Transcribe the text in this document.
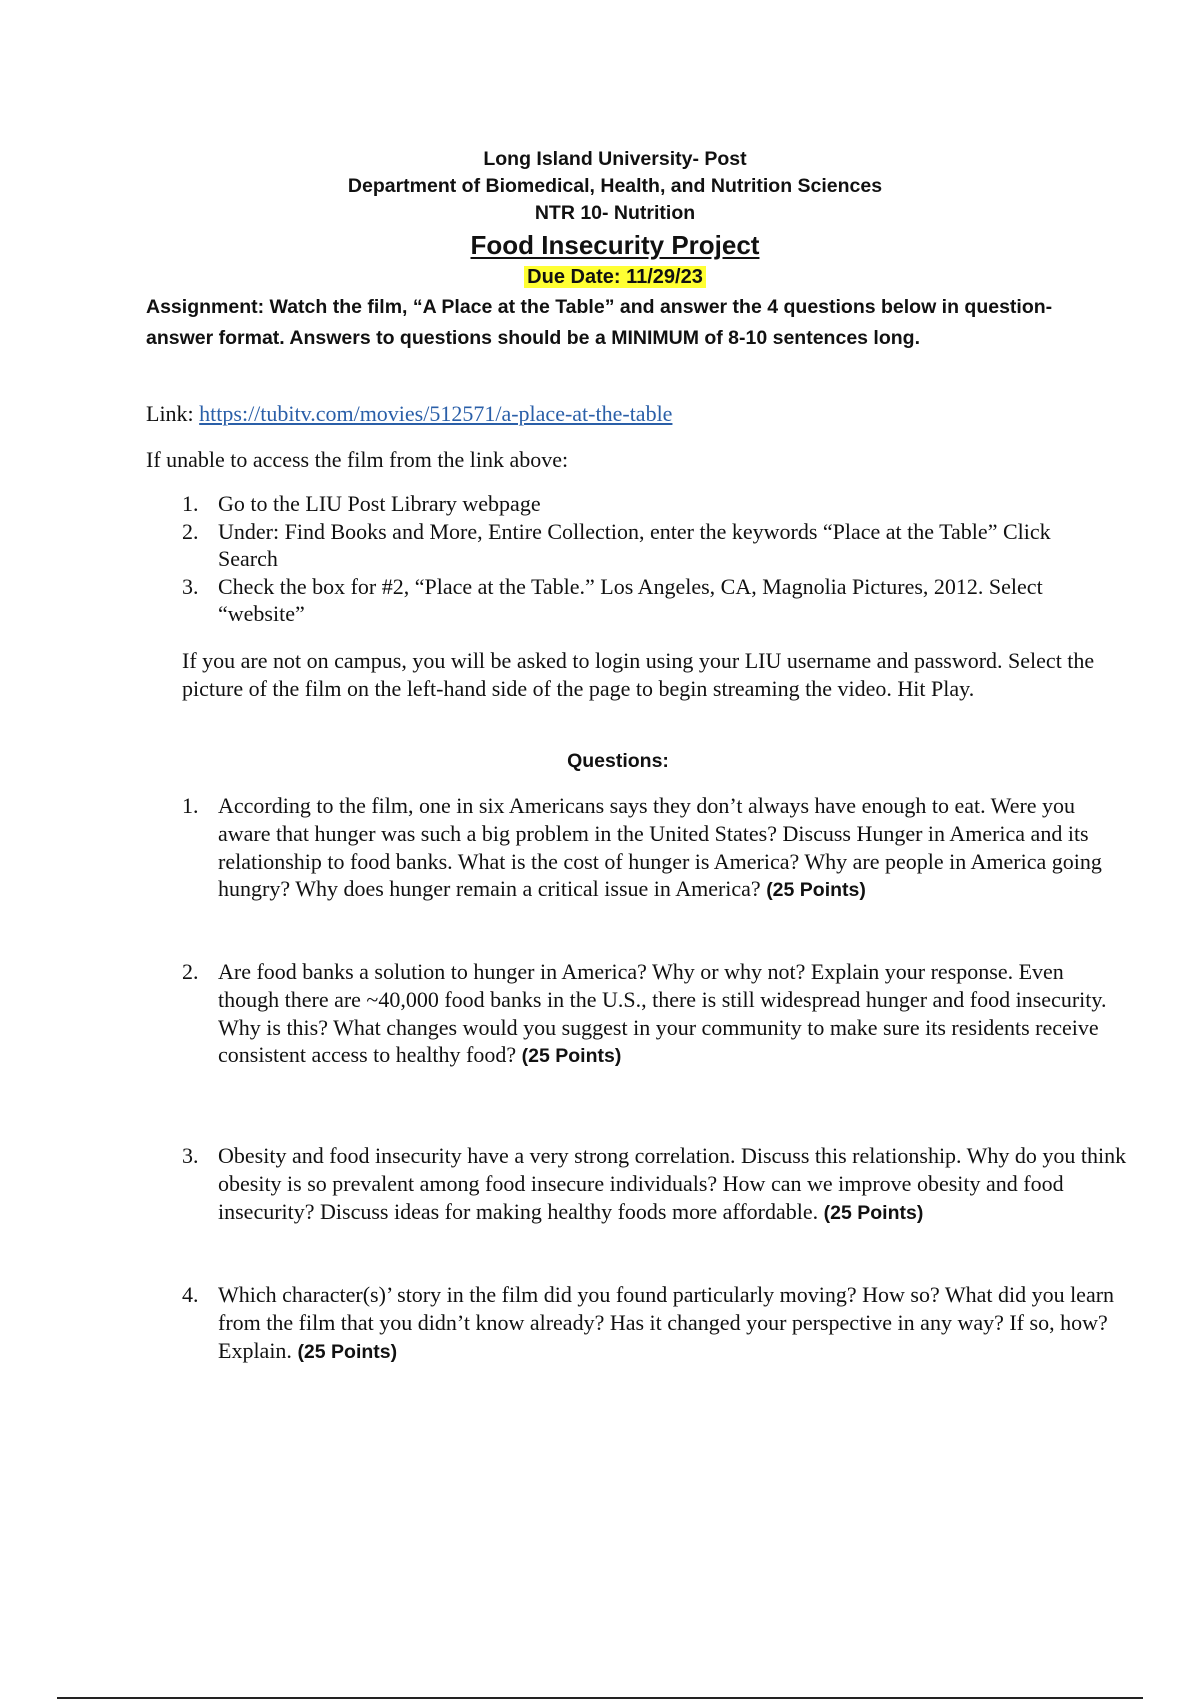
Long Island University- Post
Department of Biomedical, Health, and Nutrition Sciences
NTR 10- Nutrition
Food Insecurity Project
Due Date: 11/29/23
Assignment: Watch the film, “A Place at the Table” and answer the 4 questions below in question-answer format. Answers to questions should be a MINIMUM of 8-10 sentences long.
Link: https://tubitv.com/movies/512571/a-place-at-the-table
If unable to access the film from the link above:
1. Go to the LIU Post Library webpage
2. Under: Find Books and More, Entire Collection, enter the keywords “Place at the Table” Click Search
3. Check the box for #2, “Place at the Table.” Los Angeles, CA, Magnolia Pictures, 2012. Select “website”
If you are not on campus, you will be asked to login using your LIU username and password. Select the picture of the film on the left-hand side of the page to begin streaming the video. Hit Play.
Questions:
1. According to the film, one in six Americans says they don’t always have enough to eat. Were you aware that hunger was such a big problem in the United States? Discuss Hunger in America and its relationship to food banks. What is the cost of hunger is America? Why are people in America going hungry? Why does hunger remain a critical issue in America? (25 Points)
2. Are food banks a solution to hunger in America? Why or why not? Explain your response. Even though there are ~40,000 food banks in the U.S., there is still widespread hunger and food insecurity. Why is this? What changes would you suggest in your community to make sure its residents receive consistent access to healthy food? (25 Points)
3. Obesity and food insecurity have a very strong correlation. Discuss this relationship. Why do you think obesity is so prevalent among food insecure individuals? How can we improve obesity and food insecurity? Discuss ideas for making healthy foods more affordable. (25 Points)
4. Which character(s)’ story in the film did you found particularly moving? How so? What did you learn from the film that you didn’t know already? Has it changed your perspective in any way? If so, how? Explain. (25 Points)
